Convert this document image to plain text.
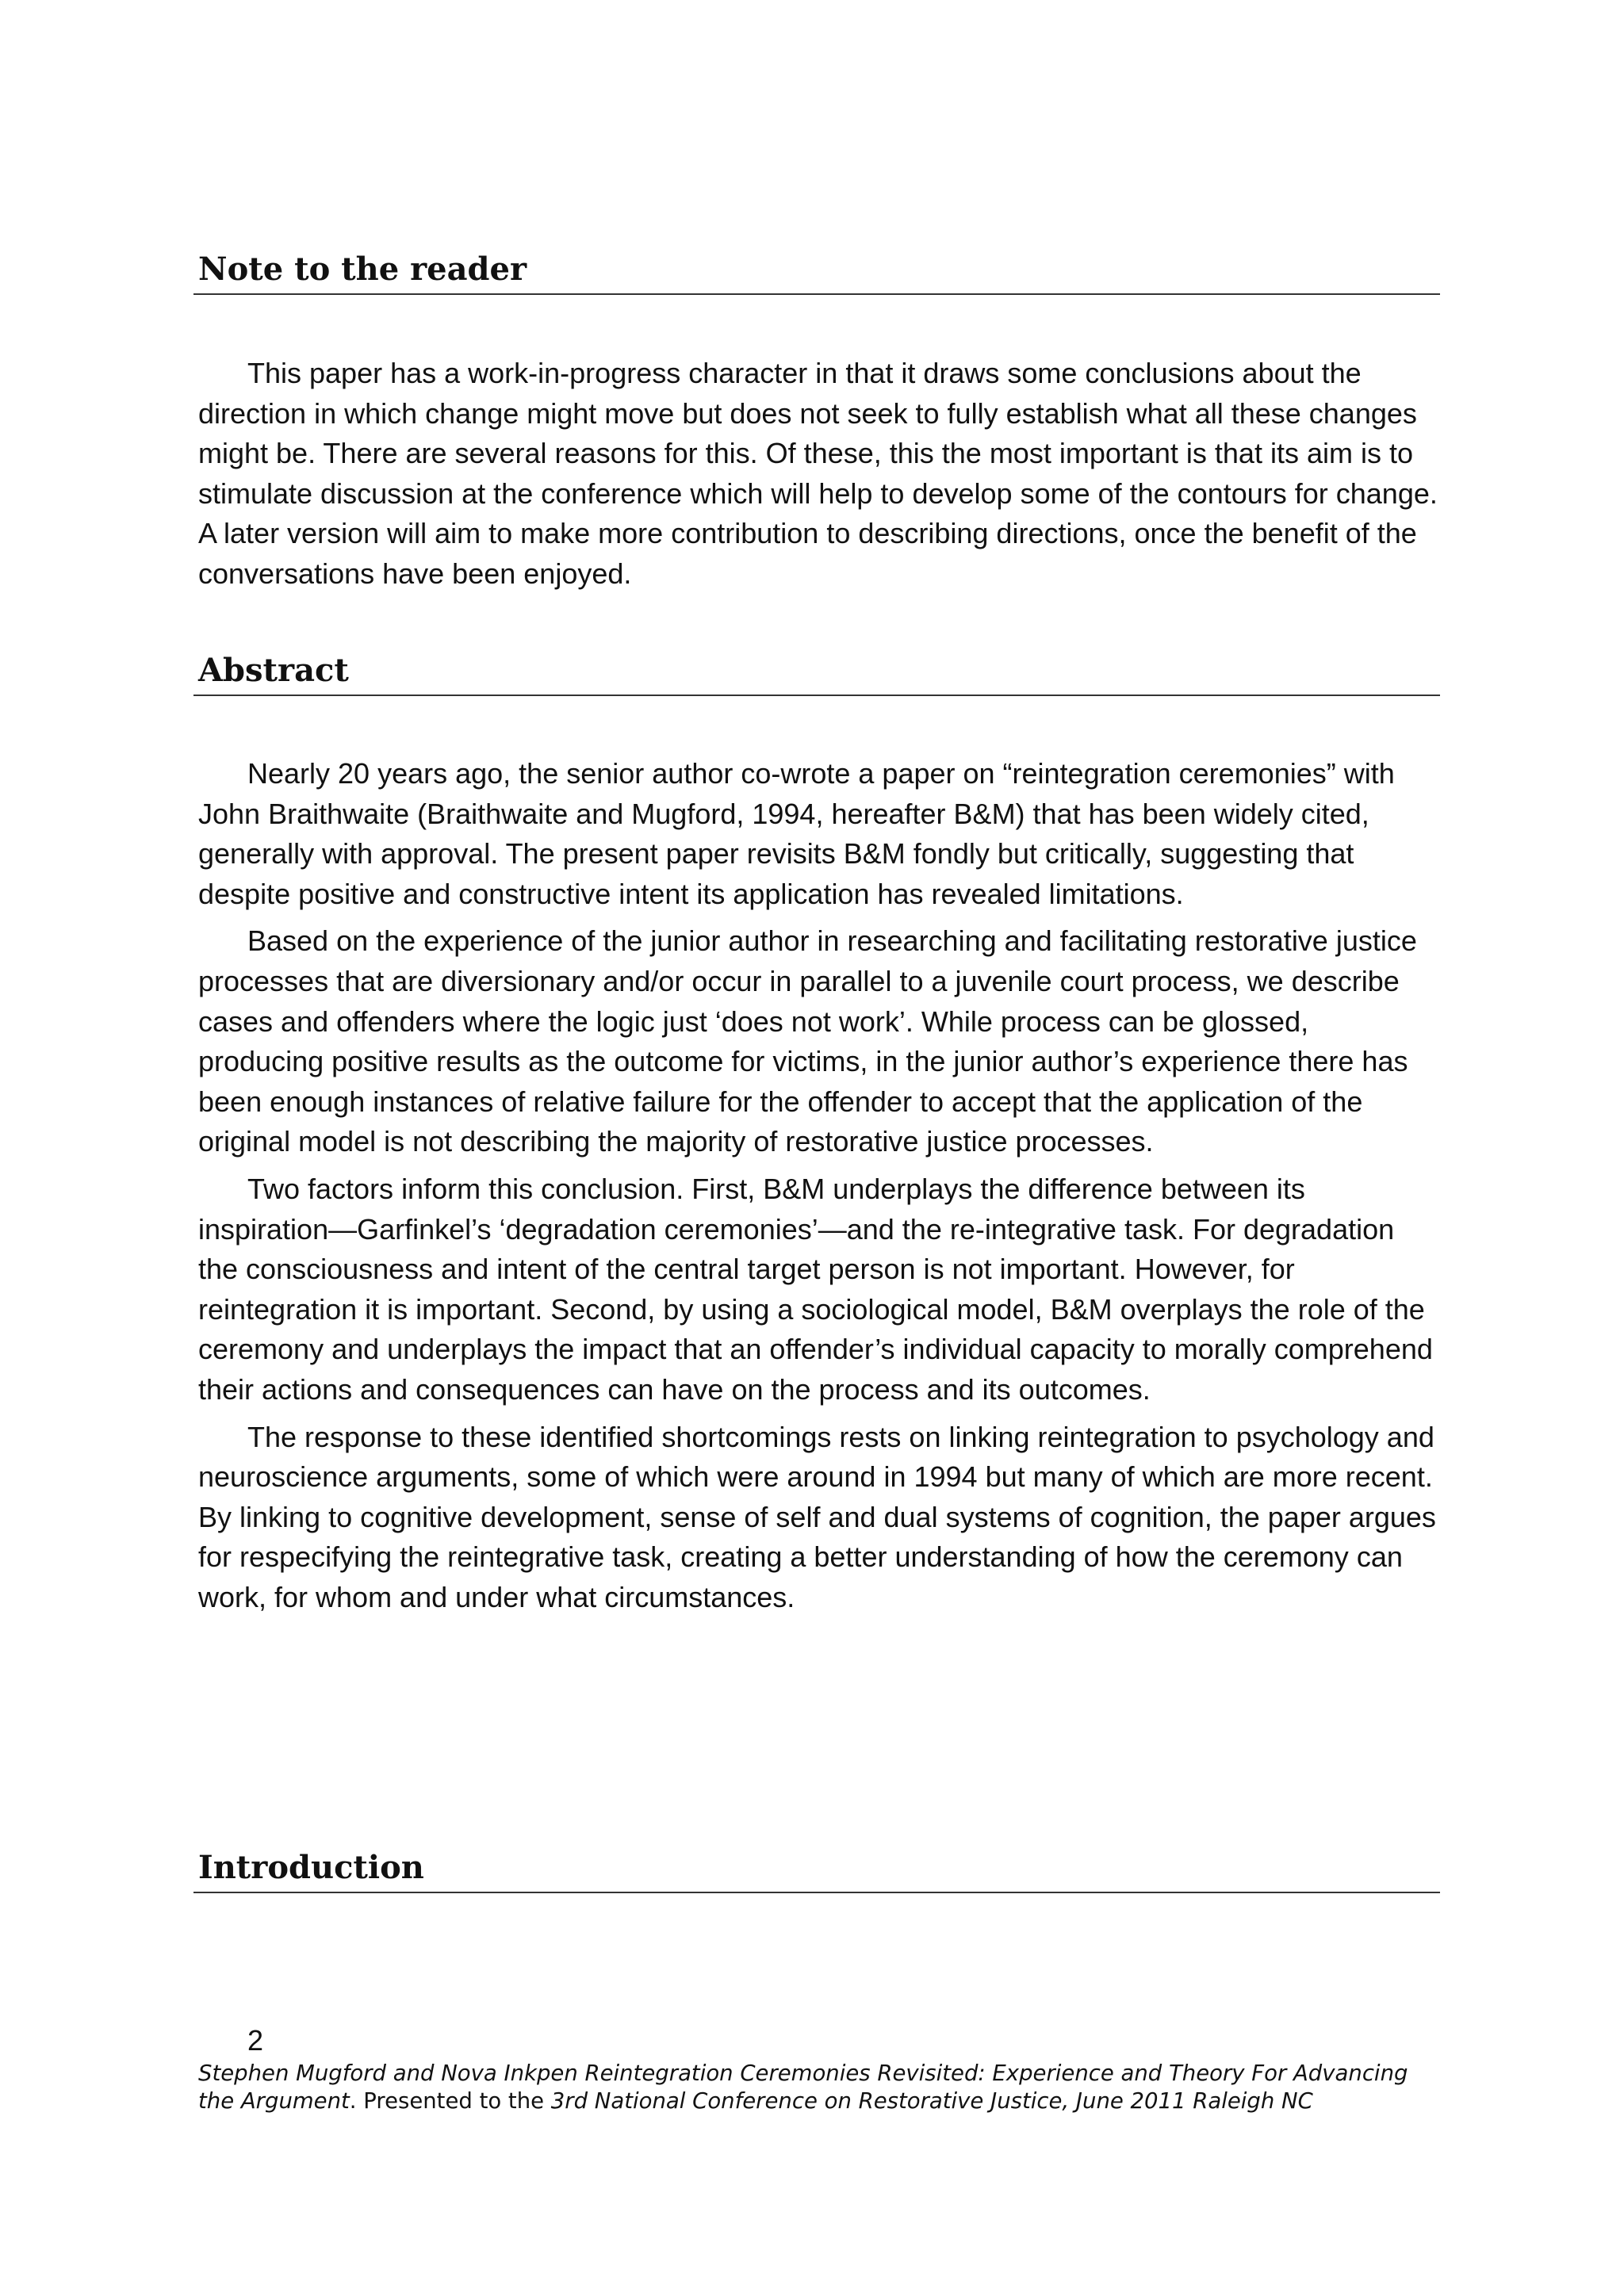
Note to the reader

This paper has a work-in-progress character in that it draws some conclusions about the direction in which change might move but does not seek to fully establish what all these changes might be. There are several reasons for this. Of these, this the most important is that its aim is to stimulate discussion at the conference which will help to develop some of the contours for change. A later version will aim to make more contribution to describing directions, once the benefit of the conversations have been enjoyed.

Abstract

Nearly 20 years ago, the senior author co-wrote a paper on “reintegration ceremonies” with John Braithwaite (Braithwaite and Mugford, 1994, hereafter B&M) that has been widely cited, generally with approval. The present paper revisits B&M fondly but critically, suggesting that despite positive and constructive intent its application has revealed limitations.

Based on the experience of the junior author in researching and facilitating restorative justice processes that are diversionary and/or occur in parallel to a juvenile court process, we describe cases and offenders where the logic just ‘does not work’. While process can be glossed, producing positive results as the outcome for victims, in the junior author’s experience there has been enough instances of relative failure for the offender to accept that the application of the original model is not describing the majority of restorative justice processes.

Two factors inform this conclusion. First, B&M underplays the difference between its inspiration—Garfinkel’s ‘degradation ceremonies’—and the re-integrative task. For degradation the consciousness and intent of the central target person is not important. However, for reintegration it is important. Second, by using a sociological model, B&M overplays the role of the ceremony and underplays the impact that an offender’s individual capacity to morally comprehend their actions and consequences can have on the process and its outcomes.

The response to these identified shortcomings rests on linking reintegration to psychology and neuroscience arguments, some of which were around in 1994 but many of which are more recent. By linking to cognitive development, sense of self and dual systems of cognition, the paper argues for respecifying the reintegrative task, creating a better understanding of how the ceremony can work, for whom and under what circumstances.

Introduction
2
Stephen Mugford and Nova Inkpen Reintegration Ceremonies Revisited: Experience and Theory For Advancing the Argument. Presented to the 3rd National Conference on Restorative Justice, June 2011 Raleigh NC
